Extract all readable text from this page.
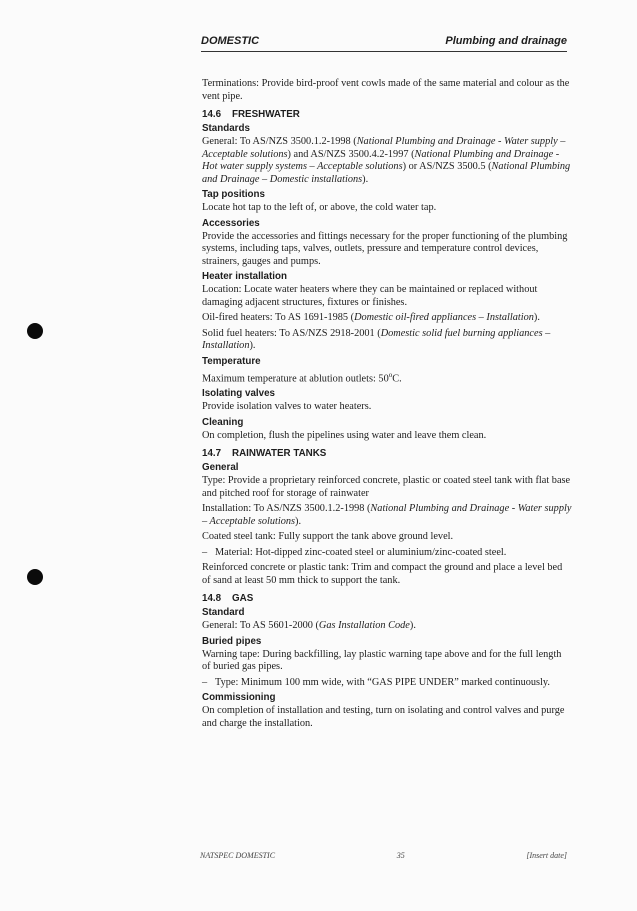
DOMESTIC	Plumbing and drainage

Terminations: Provide bird-proof vent cowls made of the same material and colour as the vent pipe.

14.6 FRESHWATER
Standards

General: To AS/NZS 3500.1.2-1998 (National Plumbing and Drainage - Water supply – Acceptable solutions) and AS/NZS 3500.4.2-1997 (National Plumbing and Drainage - Hot water supply systems – Acceptable solutions) or AS/NZS 3500.5 (National Plumbing and Drainage – Domestic installations).

Tap positions

Locate hot tap to the left of, or above, the cold water tap.

Accessories

Provide the accessories and fittings necessary for the proper functioning of the plumbing systems, including taps, valves, outlets, pressure and temperature control devices, strainers, gauges and pumps.

Heater installation

Location: Locate water heaters where they can be maintained or replaced without damaging adjacent structures, fixtures or finishes.

Oil-fired heaters: To AS 1691-1985 (Domestic oil-fired appliances – Installation).

Solid fuel heaters: To AS/NZS 2918-2001 (Domestic solid fuel burning appliances – Installation).

Temperature

Maximum temperature at ablution outlets: 50$^o$C.

Isolating valves

Provide isolation valves to water heaters.

Cleaning

On completion, flush the pipelines using water and leave them clean.

14.7 RAINWATER TANKS
General

Type: Provide a proprietary reinforced concrete, plastic or coated steel tank with flat base and pitched roof for storage of rainwater

Installation: To AS/NZS 3500.1.2-1998 (National Plumbing and Drainage - Water supply – Acceptable solutions).

Coated steel tank: Fully support the tank above ground level.

– Material: Hot-dipped zinc-coated steel or aluminium/zinc-coated steel.

Reinforced concrete or plastic tank: Trim and compact the ground and place a level bed of sand at least 50 mm thick to support the tank.

14.8 GAS
Standard

General: To AS 5601-2000 (Gas Installation Code).

Buried pipes

Warning tape: During backfilling, lay plastic warning tape above and for the full length of buried gas pipes.

– Type: Minimum 100 mm wide, with “GAS PIPE UNDER” marked continuously.

Commissioning

On completion of installation and testing, turn on isolating and control valves and purge and charge the installation.

NATSPEC DOMESTIC	35	[Insert date]
